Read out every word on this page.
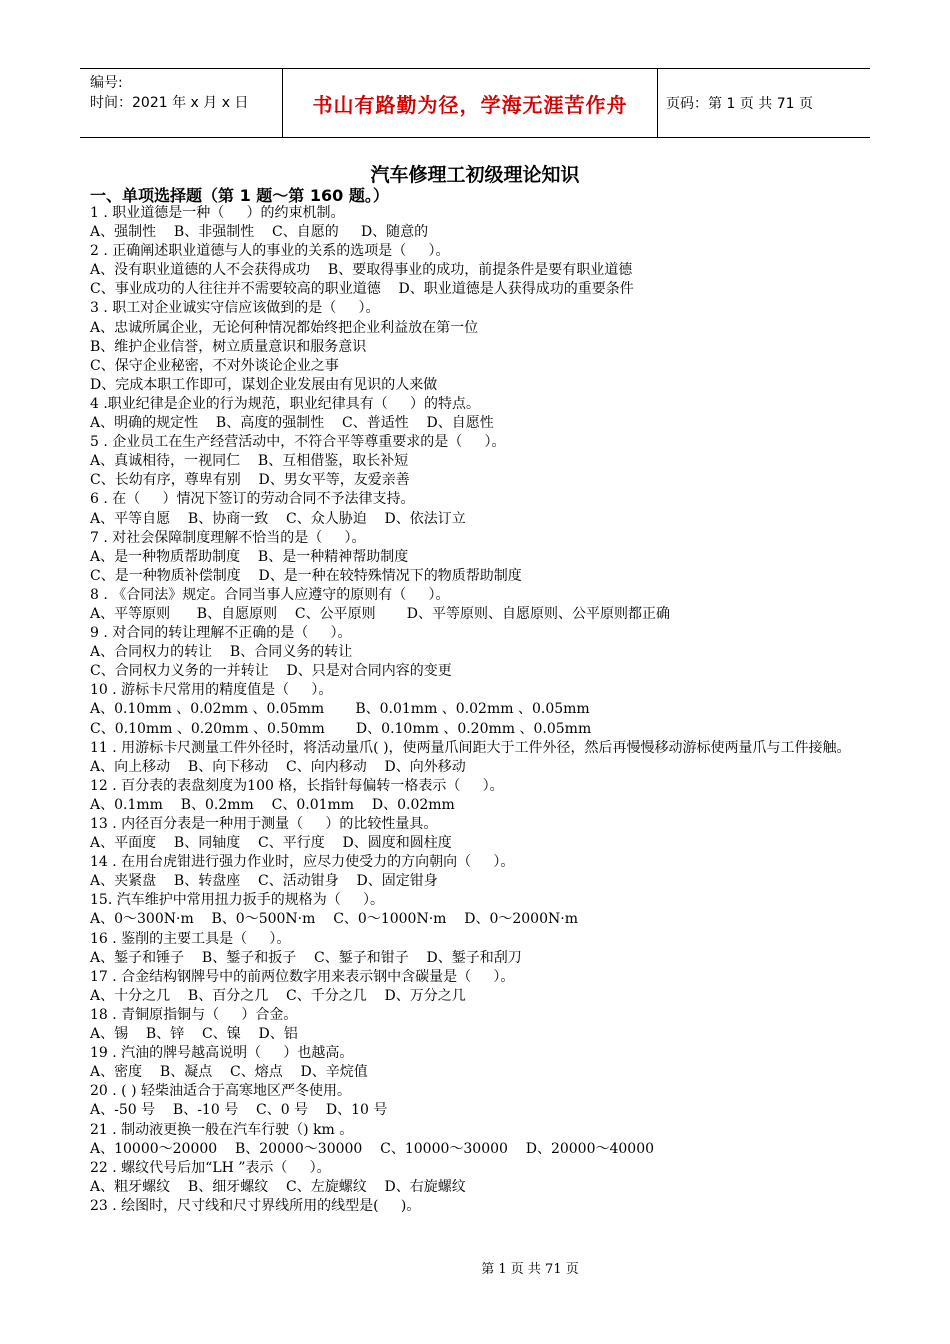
编号:
时间：2021 年 x 月 x 日	书山有路勤为径，学海无涯苦作舟	页码：第 1 页 共 71 页
汽车修理工初级理论知识
一、单项选择题（第 1 题～第 160 题。）
1 . 职业道德是一种（     ）的约束机制。
A、强制性    B、非强制性    C、自愿的     D、随意的
2 . 正确阐述职业道德与人的事业的关系的选项是（     ）。
A、没有职业道德的人不会获得成功    B、要取得事业的成功，前提条件是要有职业道德
C、事业成功的人往往并不需要较高的职业道德    D、职业道德是人获得成功的重要条件
3 . 职工对企业诚实守信应该做到的是（     ）。
A、忠诚所属企业，无论何种情况都始终把企业利益放在第一位
B、维护企业信誉，树立质量意识和服务意识
C、保守企业秘密，不对外谈论企业之事
D、完成本职工作即可，谋划企业发展由有见识的人来做
4 .职业纪律是企业的行为规范，职业纪律具有（     ）的特点。
A、明确的规定性    B、高度的强制性    C、普适性    D、自愿性
5 . 企业员工在生产经营活动中，不符合平等尊重要求的是（     ）。
A、真诚相待，一视同仁    B、互相借鉴，取长补短
C、长幼有序，尊卑有别    D、男女平等，友爱亲善
6 . 在（     ）情况下签订的劳动合同不予法律支持。
A、平等自愿    B、协商一致    C、众人胁迫    D、依法订立
7 . 对社会保障制度理解不恰当的是（     ）。
A、是一种物质帮助制度    B、是一种精神帮助制度
C、是一种物质补偿制度    D、是一种在较特殊情况下的物质帮助制度
8 . 《合同法》规定。合同当事人应遵守的原则有（     ）。
A、平等原则      B、自愿原则    C、公平原则       D、平等原则、自愿原则、公平原则都正确
9 . 对合同的转让理解不正确的是（     ）。
A、合同权力的转让    B、合同义务的转让
C、合同权力义务的一并转让    D、只是对合同内容的变更
10 . 游标卡尺常用的精度值是（     ）。
A、0.10mm 、0.02mm 、0.05mm       B、0.01mm 、0.02mm 、0.05mm
C、0.10mm 、0.20mm 、0.50mm       D、0.10mm 、0.20mm 、0.05mm
11 . 用游标卡尺测量工件外径时，将活动量爪( )，使两量爪间距大于工件外径，然后再慢慢移动游标使两量爪与工件接触。
A、向上移动    B、向下移动    C、向内移动    D、向外移动
12 . 百分表的表盘刻度为100 格，长指针每偏转一格表示（     ）。
A、0.1mm    B、0.2mm    C、0.01mm    D、0.02mm
13 . 内径百分表是一种用于测量（     ）的比较性量具。
A、平面度    B、同轴度    C、平行度    D、圆度和圆柱度
14 . 在用台虎钳进行强力作业时，应尽力使受力的方向朝向（     ）。
A、夹紧盘    B、转盘座    C、活动钳身    D、固定钳身
15. 汽车维护中常用扭力扳手的规格为（     ）。
A、0～300N·m    B、0～500N·m    C、0～1000N·m    D、0～2000N·m
16 . 鉴削的主要工具是（     ）。
A、錾子和锤子    B、錾子和扳子    C、錾子和钳子    D、錾子和刮刀
17 . 合金结构钢牌号中的前两位数字用来表示钢中含碳量是（     ）。
A、十分之几    B、百分之几    C、千分之几    D、万分之几
18 . 青铜原指铜与（     ）合金。
A、锡    B、锌    C、镍    D、铝
19 . 汽油的牌号越高说明（     ）也越高。
A、密度    B、凝点    C、熔点    D、辛烷值
20 . ( ) 轻柴油适合于高寒地区严冬使用。
A、-50 号    B、-10 号    C、0 号    D、10 号
21 . 制动液更换一般在汽车行驶（) km 。
A、10000～20000    B、20000～30000    C、10000～30000    D、20000～40000
22 . 螺纹代号后加“LH ”表示（     ）。
A、粗牙螺纹    B、细牙螺纹    C、左旋螺纹    D、右旋螺纹
23 . 绘图时，尺寸线和尺寸界线所用的线型是(     )。
第 1 页 共 71 页
